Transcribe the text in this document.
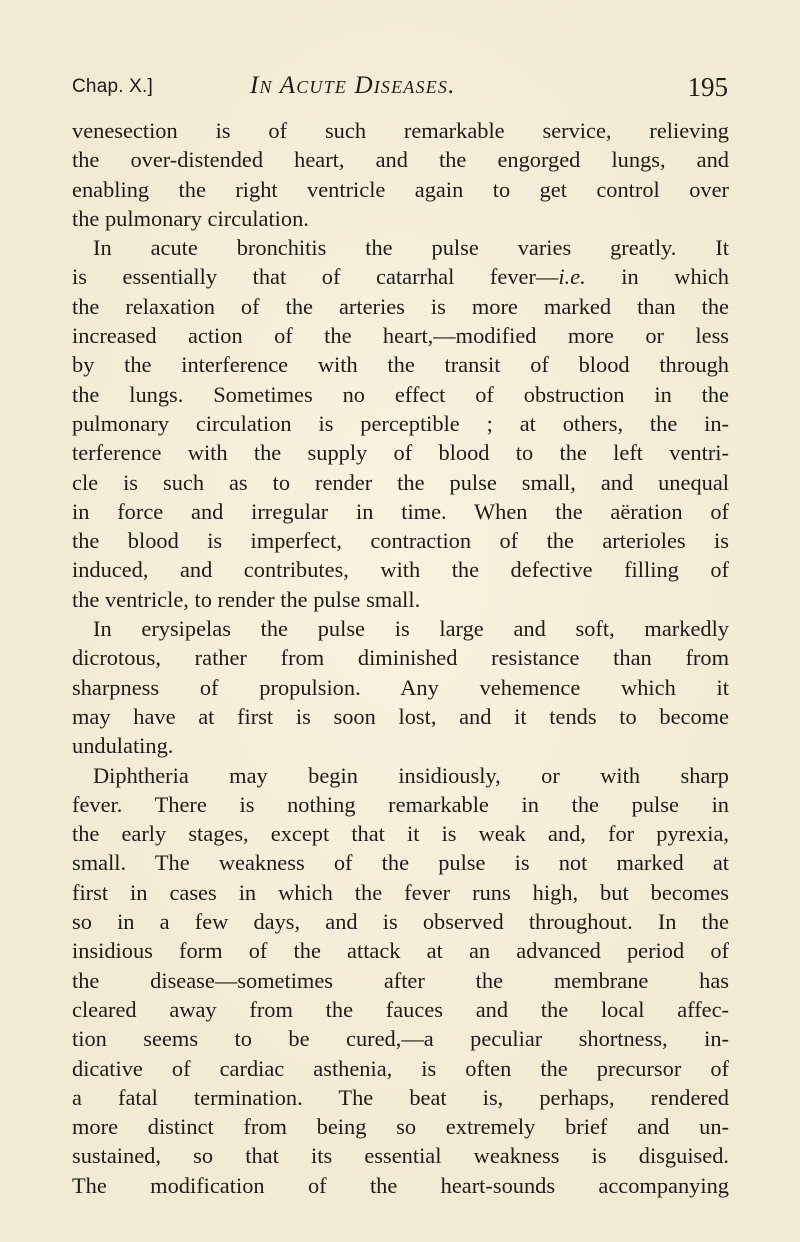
Chap. X.]	In Acute Diseases.	195
venesection is of such remarkable service, relieving
the over-distended heart, and the engorged lungs, and
enabling the right ventricle again to get control over
the pulmonary circulation.
In acute bronchitis the pulse varies greatly. It
is essentially that of catarrhal fever—i.e. in which
the relaxation of the arteries is more marked than the
increased action of the heart,—modified more or less
by the interference with the transit of blood through
the lungs. Sometimes no effect of obstruction in the
pulmonary circulation is perceptible ; at others, the in-
terference with the supply of blood to the left ventri-
cle is such as to render the pulse small, and unequal
in force and irregular in time. When the aëration of
the blood is imperfect, contraction of the arterioles is
induced, and contributes, with the defective filling of
the ventricle, to render the pulse small.
In erysipelas the pulse is large and soft, markedly
dicrotous, rather from diminished resistance than from
sharpness of propulsion. Any vehemence which it
may have at first is soon lost, and it tends to become
undulating.
Diphtheria may begin insidiously, or with sharp
fever. There is nothing remarkable in the pulse in
the early stages, except that it is weak and, for pyrexia,
small. The weakness of the pulse is not marked at
first in cases in which the fever runs high, but becomes
so in a few days, and is observed throughout. In the
insidious form of the attack at an advanced period of
the disease—sometimes after the membrane has
cleared away from the fauces and the local affec-
tion seems to be cured,—a peculiar shortness, in-
dicative of cardiac asthenia, is often the precursor of
a fatal termination. The beat is, perhaps, rendered
more distinct from being so extremely brief and un-
sustained, so that its essential weakness is disguised.
The modification of the heart-sounds accompanying
